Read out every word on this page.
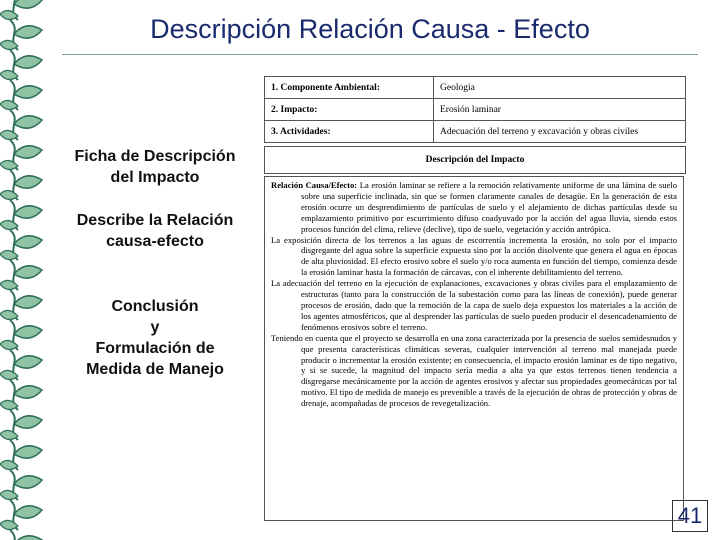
Descripción Relación Causa - Efecto
Ficha de Descripción
del Impacto
Describe la Relación
causa-efecto
Conclusión
y
Formulación de
Medida de Manejo
1. Componente Ambiental:	Geología
2. Impacto:	Erosión laminar
3. Actividades:	Adecuación del terreno y excavación y obras civiles
Descripción del Impacto

Relación Causa/Efecto: La erosión laminar se refiere a la remoción relativamente uniforme de una lámina de suelo sobre una superficie inclinada, sin que se formen claramente canales de desagüe. En la generación de esta erosión ocurre un desprendimiento de partículas de suelo y el alejamiento de dichas partículas desde su emplazamiento primitivo por escurrimiento difuso coadyuvado por la acción del agua lluvia, siendo estos procesos función del clima, relieve (declive), tipo de suelo, vegetación y acción antrópica.

La exposición directa de los terrenos a las aguas de escorrentía incrementa la erosión, no solo por el impacto disgregante del agua sobre la superficie expuesta sino por la acción disolvente que genera el agua en épocas de alta pluviosidad. El efecto erosivo sobre el suelo y/o roca aumenta en función del tiempo, comienza desde la erosión laminar hasta la formación de cárcavas, con el inherente debilitamiento del terreno.

La adecuación del terreno en la ejecución de explanaciones, excavaciones y obras civiles para el emplazamiento de estructuras (tanto para la construcción de la subestación como para las líneas de conexión), puede generar procesos de erosión, dado que la remoción de la capa de suelo deja expuestos los materiales a la acción de los agentes atmosféricos, que al desprender las partículas de suelo pueden producir el desencadenamiento de fenómenos erosivos sobre el terreno.

Teniendo en cuenta que el proyecto se desarrolla en una zona caracterizada por la presencia de suelos semidesnudos y que presenta características climáticas severas, cualquier intervención al terreno mal manejada puede producir o incrementar la erosión existente; en consecuencia, el impacto erosión laminar es de tipo negativo, y si se sucede, la magnitud del impacto sería media a alta ya que estos terrenos tienen tendencia a disgregarse mecánicamente por la acción de agentes erosivos y afectar sus propiedades geomecánicas por tal motivo. El tipo de medida de manejo es prevenible a través de la ejecución de obras de protección y obras de drenaje, acompañadas de procesos de revegetalización.

41
